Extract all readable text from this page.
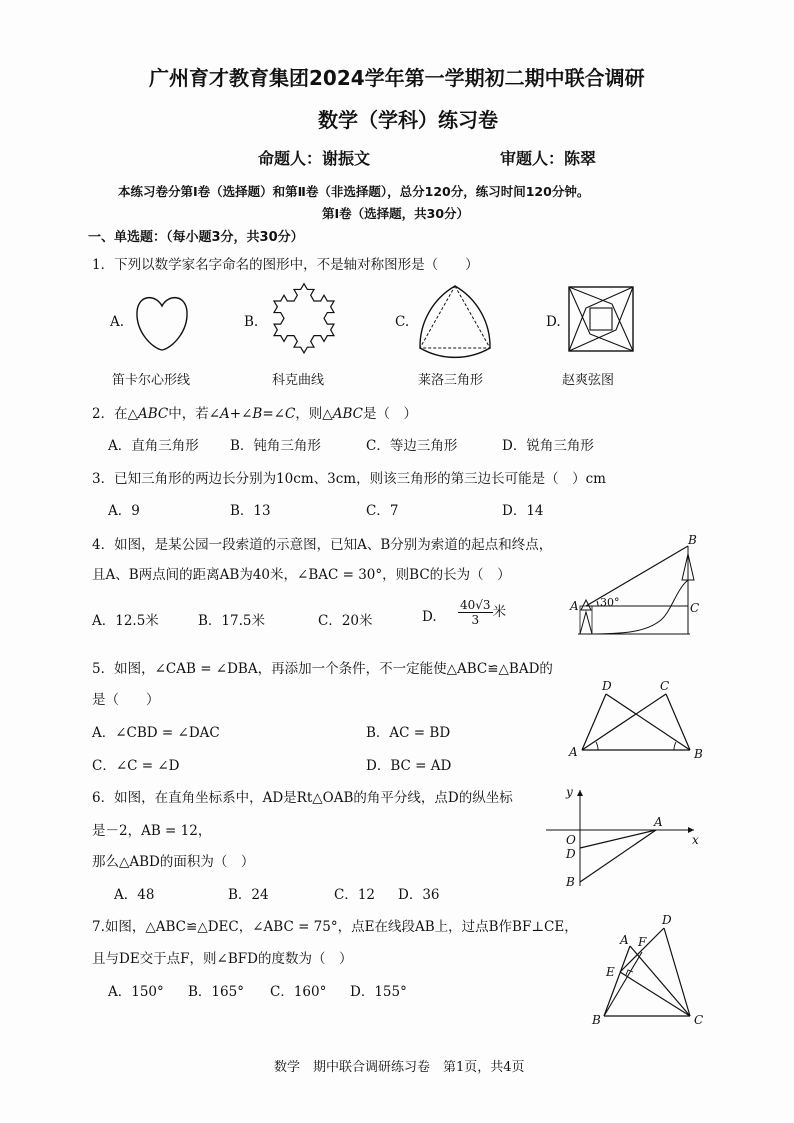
广州育才教育集团2024学年第一学期初二期中联合调研
数学（学科）练习卷
命题人：谢振文	审题人：陈翠
本练习卷分第Ⅰ卷（选择题）和第Ⅱ卷（非选择题），总分120分，练习时间120分钟。
第Ⅰ卷（选择题，共30分）
一、单选题：（每小题3分，共30分）
1．下列以数学家名字命名的图形中，不是轴对称图形是（　　）
A.	B.	C.	D.
笛卡尔心形线	科克曲线	莱洛三角形	赵爽弦图
2．在△ABC中，若∠A+∠B=∠C，则△ABC是（　）
A．直角三角形 B．钝角三角形	C．等边三角形	D．锐角三角形
3．已知三角形的两边长分别为10cm、3cm，则该三角形的第三边长可能是（　）cm
A．9	B．13	C．7	D．14
4．如图，是某公园一段索道的示意图，已知A、B分别为索道的起点和终点，
且A、B两点间的距离AB为40米，∠BAC = 30°，则BC的长为（　）
A．12.5米	B．17.5米	C．20米	D. $\frac{40√3}{3}$ 米	A
B
C
30°
5．如图，∠CAB = ∠DBA，再添加一个条件，不一定能使△ABC≌△BAD的
是（　　）
A．∠CBD = ∠DAC	B．AC = BD
C．∠C = ∠D	D．BC = AD
A	B
C
D
6．如图，在直角坐标系中，AD是Rt△OAB的角平分线，点D的纵坐标
是－2，AB = 12，
那么△ABD的面积为（　）
A．48	B．24	C．12 D．36
y
x
O
A
D
B
7.如图，△ABC≌△DEC，∠ABC = 75°，点E在线段AB上，过点B作BF⊥CE，
且与DE交于点F，则∠BFD的度数为（　）
A．150° B．165° C．160° D．155°
A
B	C
D
E
F
数学　期中联合调研练习卷　第1页，共4页
